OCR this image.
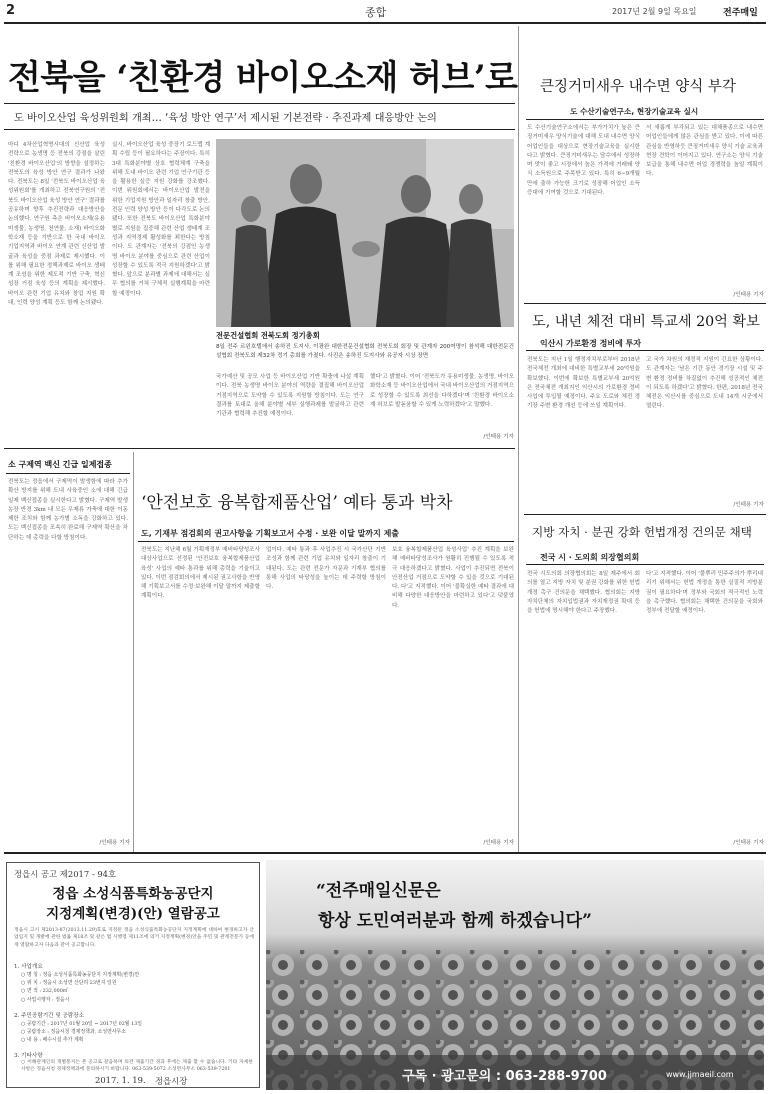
2	종합	2017년 2월 9일 목요일	전주매일
전북을 ‘친환경 바이오소재 허브’로
도 바이오산업 육성위원회 개최… ‘육성 방안 연구’서 제시된 기본전략 · 추진과제 대응방안 논의
마디 4차산업혁명시대의 신산업 육성 전략으로 농생명 등 전북의 강점을 살린 '친환경 바이오산업'의 방향을 설정하는 전북도의 육성 방안 연구 결과가 나왔다. 전북도는 8일 '전북도 바이오산업 육성위원회'를 개최하고 전북연구원의 '전북도 바이오산업 육성 방안 연구' 결과를 공유하며 향후 추진전략과 대응방안을 논의했다. 연구원 측은 바이오소재(유용 미생물, 농생명, 천연물, 소재) 바이오화학소재 등을 기반으로 한 국내 바이오 기업지역과 바이오 연계 관련 신산업 발굴과 육성을 중점 과제로 제시했다. 이를 위해 필요한 정책과제로 바이오 생태계 조성을 위한 제도적 기반 구축, 혁신성장 거점 육성 등의 계획을 제시했다. 바이오 관련 기업 유치와 창업 지원 확대, 인력 양성 계획 등도 함께 논의됐다.
실시, 바이오산업 육성 중장기 로드맵 계획 수립 등이 필요하다는 주장이다. 특히 3대 특화분야별 상호 협력체계 구축을 위해 도내 바이오 관련 기업 연구기관 등을 활용한 실증 지원 강화를 강조했다. 이번 위원회에서는 바이오산업 발전을 위한 기업지원 방안과 일자리 창출 방안, 전문 인력 양성 방안 등이 다각도로 논의됐다. 또한 전북도 바이오산업 특화분야별로 지원을 집중해 관련 산업 생태계 조성과 지역경제 활성화를 꾀한다는 방침이다. 도 관계자는 '전북의 강점인 농생명 바이오 분야를 중심으로 관련 산업이 성장할 수 있도록 적극 지원하겠다'고 밝혔다. 앞으로 분과별 과제에 대해서는 실무 협의를 거쳐 구체적 실행계획을 마련할 예정이다.
전문건설협회 전북도회 정기총회
8일 전주 르윈호텔에서 송하진 도지사, 이광완 대한전문건설협회 전북도회 회장 및 관계자 200여명이 참석해 대한전문건설협회 전북도회 제32차 정기 총회를 가졌다. 사진은 송하진 도지사와 유공자 시상 장면
국가예산 및 공모 사업 등 바이오산업 기반 확충에 나설 계획이다. 전북 농생명 바이오 분야의 역량을 결집해 바이오산업 거점지역으로 도약할 수 있도록 지원할 방침이다. 도는 연구 결과를 토대로 올해 분야별 세부 실행과제를 발굴하고 관련 기관과 협력해 추진할 예정이다.
했다'고 밝혔다. 이어 '전북도가 유용미생물, 농생명, 바이오화학소재 등 바이오산업에서 국내 바이오산업의 거점지역으로 성장할 수 있도록 최선을 다하겠다'며 '친환경 바이오소재 허브로 발돋움할 수 있게 노력하겠다'고 말했다.
/인태용 기자
큰징거미새우 내수면 양식 부각
도 수산기술연구소, 현장기술교육 실시
도 수산기술연구소에서는 부가가치가 높은 큰징거미새우 양식기술에 대해 도내 내수면 양식 어업인들을 대상으로 현장기술교육을 실시한다고 밝혔다. 큰징거미새우는 담수에서 성장하며 맛이 좋고 시장에서 높은 가격에 거래돼 양식 소득원으로 주목받고 있다. 특히 6∼9개월 만에 출하 가능한 크기로 성장해 어업인 소득 증대에 기여할 것으로 기대된다.
서 새롭게 부각되고 있는 대체품종으로 내수면 어업인들에게 많은 관심을 받고 있다. 이에 따른 관심을 반영하듯 큰징거미새우 양식 기술 교육과 현장 견학이 이어지고 있다. 연구소는 양식 기술 보급을 통해 내수면 어업 경쟁력을 높일 계획이다.
/인태용 기자
도, 내년 체전 대비 특교세 20억 확보
익산시 가로환경 정비에 투자
전북도는 지난 1일 행정자치부로부터 2018년 전국체전 개최에 대비한 특별교부세 20억원을 확보했다. 이번에 확보한 특별교부세 20억원은 전국체전 개최지인 익산시의 가로환경 정비사업에 투입될 예정이다. 주요 도로와 체전 경기장 주변 환경 개선 등에 쓰일 계획이다.
고 국가 차원의 재정적 지원이 긴요한 상황이다. 도 관계자는 '남은 기간 동안 경기장 시설 및 주변 환경 정비를 차질없이 추진해 성공적인 체전이 되도록 하겠다'고 밝혔다. 한편, 2018년 전국체전은 익산시를 중심으로 도내 14개 시군에서 열린다.
/인태용 기자
소 구제역 백신 긴급 일제접종
전북도는 정읍에서 구제역이 발생함에 따라 추가 확산 방지를 위해 도내 사육중인 소에 대해 긴급 일제 백신접종을 실시한다고 밝혔다. 구제역 발생농장 반경 3km 내 모든 우제류 가축에 대한 이동제한 조치와 함께 농가별 소독을 강화하고 있다. 도는 백신접종을 조속히 완료해 구제역 확산을 차단하는 데 총력을 다할 방침이다.
/인태용 기자
‘안전보호 융복합제품산업’ 예타 통과 박차
도, 기재부 점검회의 권고사항을 기획보고서 수정 · 보완 이달 말까지 제출
전북도는 지난해 6월 기획재정부 예비타당성조사 대상사업으로 선정된 '안전보호 융복합제품산업 육성' 사업의 예타 통과를 위해 총력을 기울이고 있다. 이번 점검회의에서 제시된 권고사항을 반영해 기획보고서를 수정·보완해 이달 말까지 제출할 계획이다.
업이다. 예타 통과 후 사업추진 시 국가산단 기반 조성과 함께 관련 기업 유치와 일자리 창출이 기대된다. 도는 관련 전문가 자문과 기재부 협의를 통해 사업의 타당성을 높이는 데 주력할 방침이다.
보호 융복합제품산업 육성사업' 추진 계획을 보완해 예비타당성조사가 원활히 진행될 수 있도록 적극 대응하겠다고 밝혔다. 사업이 추진되면 전북이 안전산업 거점으로 도약할 수 있을 것으로 기대된다. 다'고 지적했다. 이어 '불확실한 예타 결과에 대비해 다양한 대응방안을 마련하고 있다'고 덧붙였다.
/인태용 기자
지방 자치 · 분권 강화 헌법개정 건의문 채택
전국 시 · 도의회 의장협의회
전국 시도의회 의장협의회는 8일 제주에서 회의를 열고 지방 자치 및 분권 강화를 위한 헌법 개정 촉구 건의문을 채택했다. 협의회는 지방자치단체의 자치입법권과 자치재정권 확대 등을 헌법에 명시해야 한다고 주장했다.
다'고 지적했다. 이어 '풀뿌리 민주주의가 뿌리내리기 위해서는 헌법 개정을 통한 실질적 지방분권이 필요하다'며 정부와 국회의 적극적인 노력을 촉구했다. 협의회는 채택한 건의문을 국회와 정부에 전달할 예정이다.
/인태용 기자
정읍시 공고 제2017 - 94호
정읍 소성식품특화농공단지
지정계획(변경)(안) 열람공고
정읍시 고시 제2013-87(2013.11.29)호로 지정된 정읍 소성식품특화농공단지 지정계획에 대하여 변경하고자 산업입지 및 개발에 관한 법률 제18조 및 같은 법 시행령 제11조에 의거 지정계획(변경)안을 주민 및 관계전문가 등에게 열람하고자 다음과 같이 공고합니다.
1. 사업개요
○ 명 칭 : 정읍 소성식품특화농공단지 지정계획(변경)안
○ 위 치 : 정읍시 소성면 산단리 23번지 일원
○ 면 적 : 232,000㎡
○ 사업시행자 : 정읍시
2. 주민공람기간 및 공람장소
○ 공람기간 : 2017년 01월 20일 ~ 2017년 02월 13일
○ 공람장소 : 정읍시청 경제정책과, 소성면사무소
○ 내 용 : 배수시설 추가 계획
3. 기타사항
○ 이해관계인의 개별통지는 본 공고로 갈음하며 의견 제출기간 경과 후에는 제출 할 수 없습니다. 기타 자세한 사항은 정읍시청 경제정책과에 문의하시기 바랍니다. 063-539-5072 소성면사무소 063-539-7201
2017. 1. 19. 정읍시장
“전주매일신문은
항상 도민여러분과 함께 하겠습니다”
구독 · 광고문의 : 063-288-9700	www.jjmaeil.com
